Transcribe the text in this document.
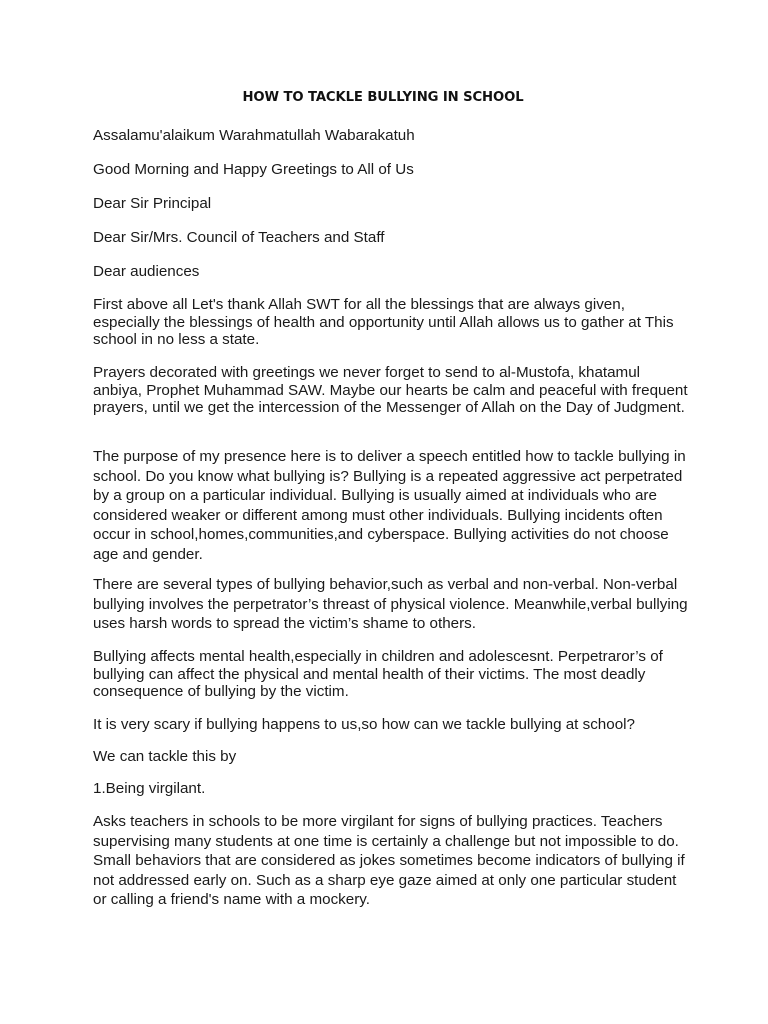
HOW TO TACKLE BULLYING IN SCHOOL

Assalamu'alaikum Warahmatullah Wabarakatuh

Good Morning and Happy Greetings to All of Us

Dear Sir Principal

Dear Sir/Mrs. Council of Teachers and Staff

Dear audiences

First above all Let's thank Allah SWT for all the blessings that are always given, especially the blessings of health and opportunity until Allah allows us to gather at This school in no less a state.

Prayers decorated with greetings we never forget to send to al-Mustofa, khatamul anbiya, Prophet Muhammad SAW. Maybe our hearts be calm and peaceful with frequent prayers, until we get the intercession of the Messenger of Allah on the Day of Judgment.

The purpose of my presence here is to deliver a speech entitled how to tackle bullying in school. Do you know what bullying is? Bullying is a repeated aggressive act perpetrated by a group on a particular individual. Bullying is usually aimed at individuals who are considered weaker or different among must other individuals. Bullying incidents often occur in school,homes,communities,and cyberspace. Bullying activities do not choose age and gender.

There are several types of bullying behavior,such as verbal and non-verbal. Non-verbal bullying involves the perpetrator’s threast of physical violence. Meanwhile,verbal bullying uses harsh words to spread the victim’s shame to others.

Bullying affects mental health,especially in children and adolescesnt. Perpetraror’s of bullying can affect the physical and mental health of their victims. The most deadly consequence of bullying by the victim.

It is very scary if bullying happens to us,so how can we tackle bullying at school?

We can tackle this by

1.Being virgilant.

Asks teachers in schools to be more virgilant for signs of bullying practices. Teachers supervising many students at one time is certainly a challenge but not impossible to do. Small behaviors that are considered as jokes sometimes become indicators of bullying if not addressed early on. Such as a sharp eye gaze aimed at only one particular student or calling a friend's name with a mockery.
